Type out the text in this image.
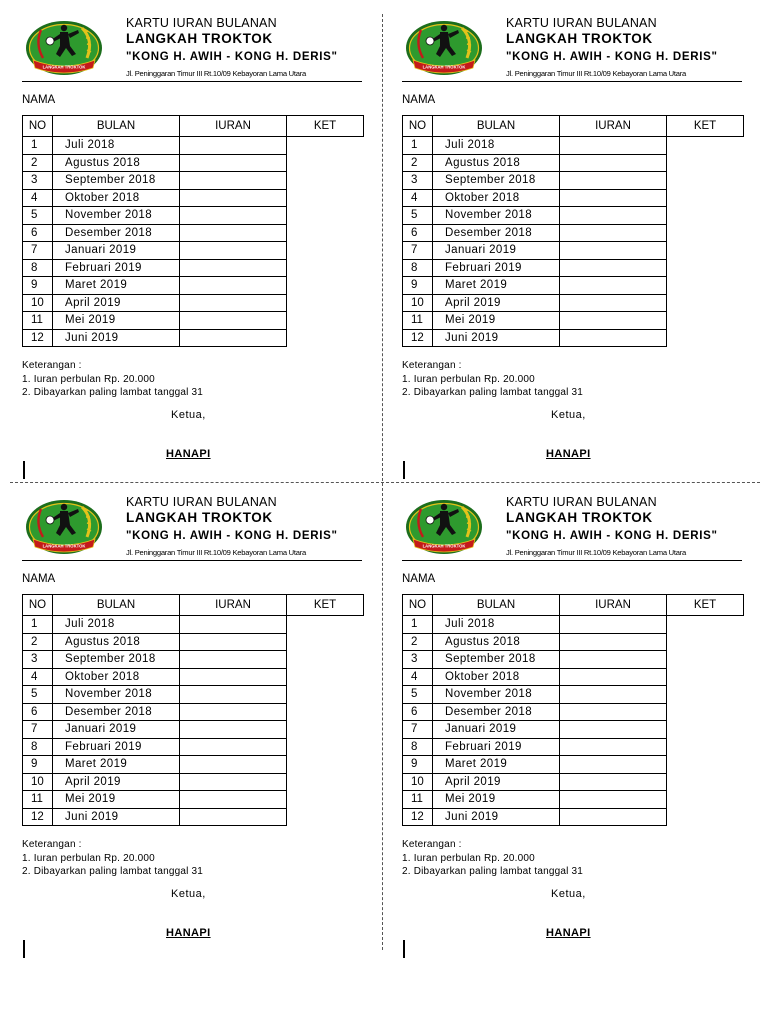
LANGKAH TROKTOK
KARTU IURAN BULANAN
LANGKAH TROKTOK
"KONG H. AWIH - KONG H. DERIS"
Jl. Peninggaran Timur III Rt.10/09 Kebayoran Lama Utara
NAMA
NO	BULAN	IURAN	KET
1	Juli 2018		

2	Agustus 2018		

3	September 2018		

4	Oktober 2018		

5	November 2018		

6	Desember 2018		

7	Januari 2019		

8	Februari 2019		

9	Maret 2019		

10	April 2019		

11	Mei 2019		

12	Juni 2019		
Keterangan :
1. Iuran perbulan Rp. 20.000
2. Dibayarkan paling lambat tanggal 31
Ketua,
HANAPI
LANGKAH TROKTOK
KARTU IURAN BULANAN
LANGKAH TROKTOK
"KONG H. AWIH - KONG H. DERIS"
Jl. Peninggaran Timur III Rt.10/09 Kebayoran Lama Utara
NAMA
NO	BULAN	IURAN	KET
1	Juli 2018		

2	Agustus 2018		

3	September 2018		

4	Oktober 2018		

5	November 2018		

6	Desember 2018		

7	Januari 2019		

8	Februari 2019		

9	Maret 2019		

10	April 2019		

11	Mei 2019		

12	Juni 2019		
Keterangan :
1. Iuran perbulan Rp. 20.000
2. Dibayarkan paling lambat tanggal 31
Ketua,
HANAPI
LANGKAH TROKTOK
KARTU IURAN BULANAN
LANGKAH TROKTOK
"KONG H. AWIH - KONG H. DERIS"
Jl. Peninggaran Timur III Rt.10/09 Kebayoran Lama Utara
NAMA
NO	BULAN	IURAN	KET
1	Juli 2018		

2	Agustus 2018		

3	September 2018		

4	Oktober 2018		

5	November 2018		

6	Desember 2018		

7	Januari 2019		

8	Februari 2019		

9	Maret 2019		

10	April 2019		

11	Mei 2019		

12	Juni 2019		
Keterangan :
1. Iuran perbulan Rp. 20.000
2. Dibayarkan paling lambat tanggal 31
Ketua,
HANAPI
LANGKAH TROKTOK
KARTU IURAN BULANAN
LANGKAH TROKTOK
"KONG H. AWIH - KONG H. DERIS"
Jl. Peninggaran Timur III Rt.10/09 Kebayoran Lama Utara
NAMA
NO	BULAN	IURAN	KET
1	Juli 2018		

2	Agustus 2018		

3	September 2018		

4	Oktober 2018		

5	November 2018		

6	Desember 2018		

7	Januari 2019		

8	Februari 2019		

9	Maret 2019		

10	April 2019		

11	Mei 2019		

12	Juni 2019		
Keterangan :
1. Iuran perbulan Rp. 20.000
2. Dibayarkan paling lambat tanggal 31
Ketua,
HANAPI
